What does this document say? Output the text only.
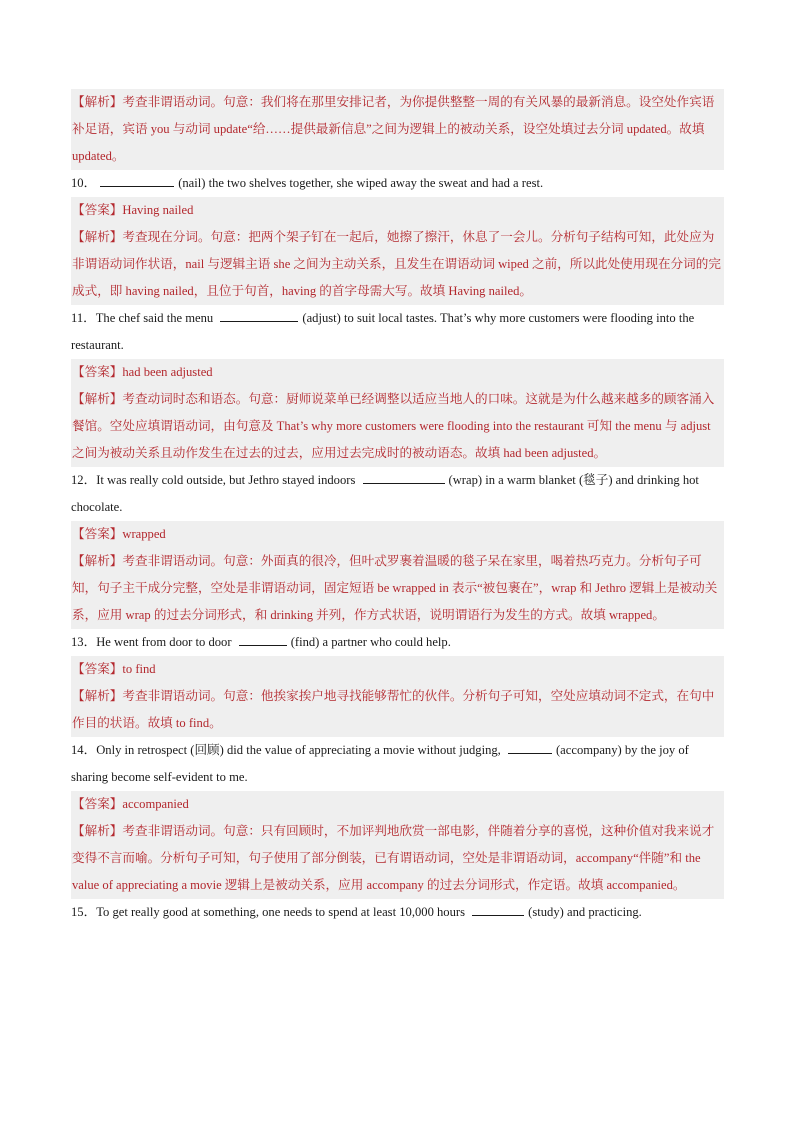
【解析】考查非谓语动词。句意：我们将在那里安排记者，为你提供整整一周的有关风暴的最新消息。设空处作宾语补足语，宾语 you 与动词 update“给……提供最新信息”之间为逻辑上的被动关系，设空处填过去分词 updated。故填 updated。

10．	(nail) the two shelves together, she wiped away the sweat and had a rest.

【答案】Having nailed

【解析】考查现在分词。句意：把两个架子钉在一起后，她擦了擦汗，休息了一会儿。分析句子结构可知，此处应为非谓语动词作状语，nail 与逻辑主语 she 之间为主动关系，且发生在谓语动词 wiped 之前，所以此处使用现在分词的完成式，即 having nailed，且位于句首，having 的首字母需大写。故填 Having nailed。

11．The chef said the menu	(adjust) to suit local tastes. That’s why more customers were flooding into the restaurant.

【答案】had been adjusted

【解析】考查动词时态和语态。句意：厨师说菜单已经调整以适应当地人的口味。这就是为什么越来越多的顾客涌入餐馆。空处应填谓语动词，由句意及 That’s why more customers were flooding into the restaurant 可知 the menu 与 adjust 之间为被动关系且动作发生在过去的过去，应用过去完成时的被动语态。故填 had been adjusted。

12．It was really cold outside, but Jethro stayed indoors	(wrap) in a warm blanket (毯子) and drinking hot chocolate.

【答案】wrapped

【解析】考查非谓语动词。句意：外面真的很冷，但叶忒罗裹着温暖的毯子呆在家里，喝着热巧克力。分析句子可知，句子主干成分完整，空处是非谓语动词，固定短语 be wrapped in 表示“被包裹在”，wrap 和 Jethro 逻辑上是被动关系，应用 wrap 的过去分词形式，和 drinking 并列，作方式状语，说明谓语行为发生的方式。故填 wrapped。

13．He went from door to door	(find) a partner who could help.

【答案】to find

【解析】考查非谓语动词。句意：他挨家挨户地寻找能够帮忙的伙伴。分析句子可知，空处应填动词不定式，在句中作目的状语。故填 to find。

14．Only in retrospect (回顾) did the value of appreciating a movie without judging,	(accompany) by the joy of sharing become self-evident to me.

【答案】accompanied

【解析】考查非谓语动词。句意：只有回顾时，不加评判地欣赏一部电影，伴随着分享的喜悦，这种价值对我来说才变得不言而喻。分析句子可知，句子使用了部分倒装，已有谓语动词，空处是非谓语动词，accompany“伴随”和 the value of appreciating a movie 逻辑上是被动关系，应用 accompany 的过去分词形式，作定语。故填 accompanied。

15．To get really good at something, one needs to spend at least 10,000 hours	(study) and practicing.
